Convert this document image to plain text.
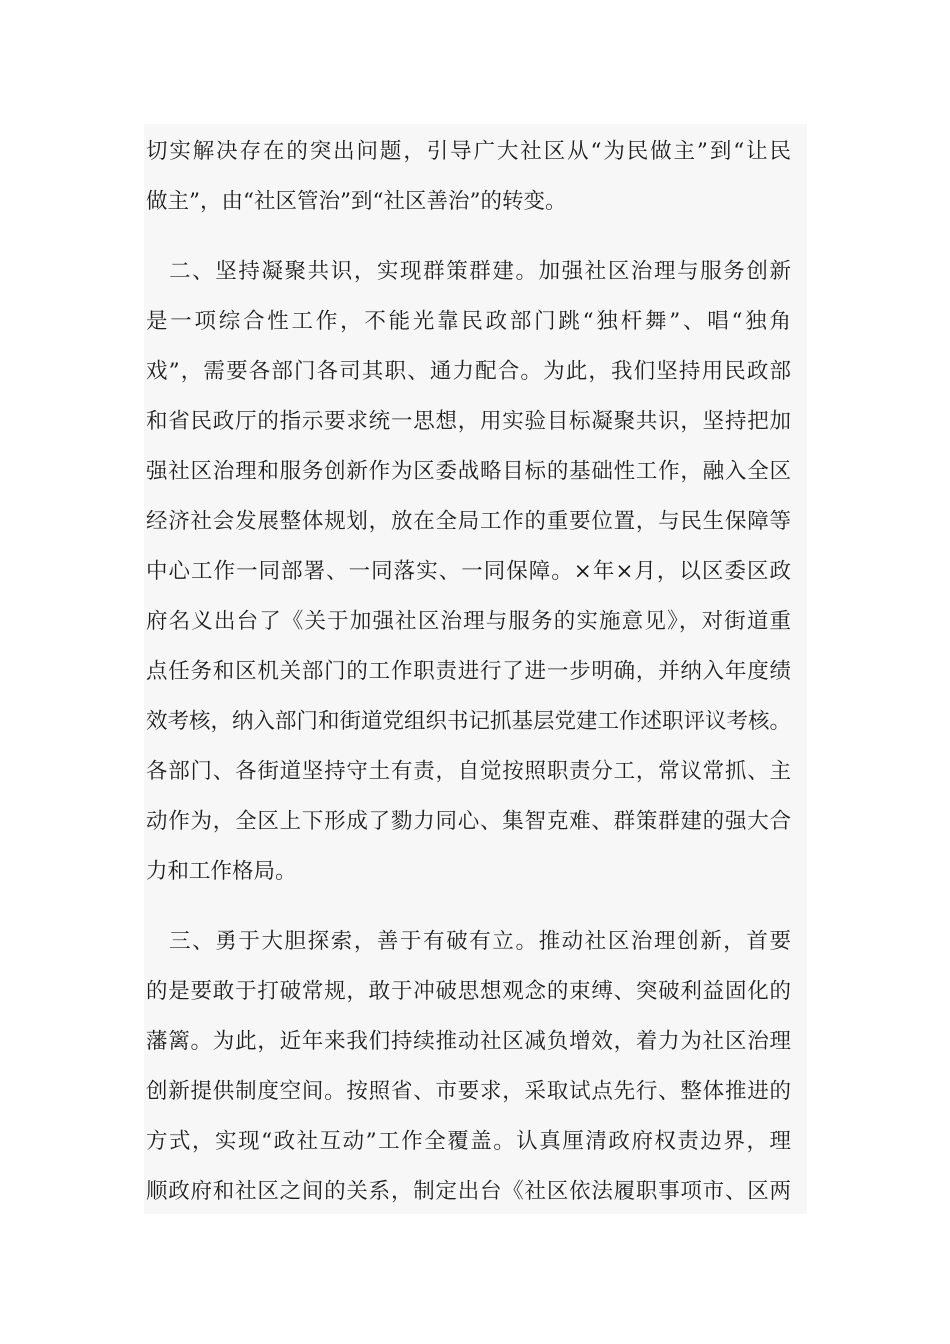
切实解决存在的突出问题，引导广大社区从“为民做主”到“让民
做主”，由“社区管治”到“社区善治”的转变。
　二、坚持凝聚共识，实现群策群建。加强社区治理与服务创新
是一项综合性工作，不能光靠民政部门跳“独杆舞”、唱“独角
戏”，需要各部门各司其职、通力配合。为此，我们坚持用民政部
和省民政厅的指示要求统一思想，用实验目标凝聚共识，坚持把加
强社区治理和服务创新作为区委战略目标的基础性工作，融入全区
经济社会发展整体规划，放在全局工作的重要位置，与民生保障等
中心工作一同部署、一同落实、一同保障。×年×月，以区委区政
府名义出台了《关于加强社区治理与服务的实施意见》，对街道重
点任务和区机关部门的工作职责进行了进一步明确，并纳入年度绩
效考核，纳入部门和街道党组织书记抓基层党建工作述职评议考核。
各部门、各街道坚持守土有责，自觉按照职责分工，常议常抓、主
动作为，全区上下形成了勠力同心、集智克难、群策群建的强大合
力和工作格局。
　三、勇于大胆探索，善于有破有立。推动社区治理创新，首要
的是要敢于打破常规，敢于冲破思想观念的束缚、突破利益固化的
藩篱。为此，近年来我们持续推动社区减负增效，着力为社区治理
创新提供制度空间。按照省、市要求，采取试点先行、整体推进的
方式，实现“政社互动”工作全覆盖。认真厘清政府权责边界，理
顺政府和社区之间的关系，制定出台《社区依法履职事项市、区两
